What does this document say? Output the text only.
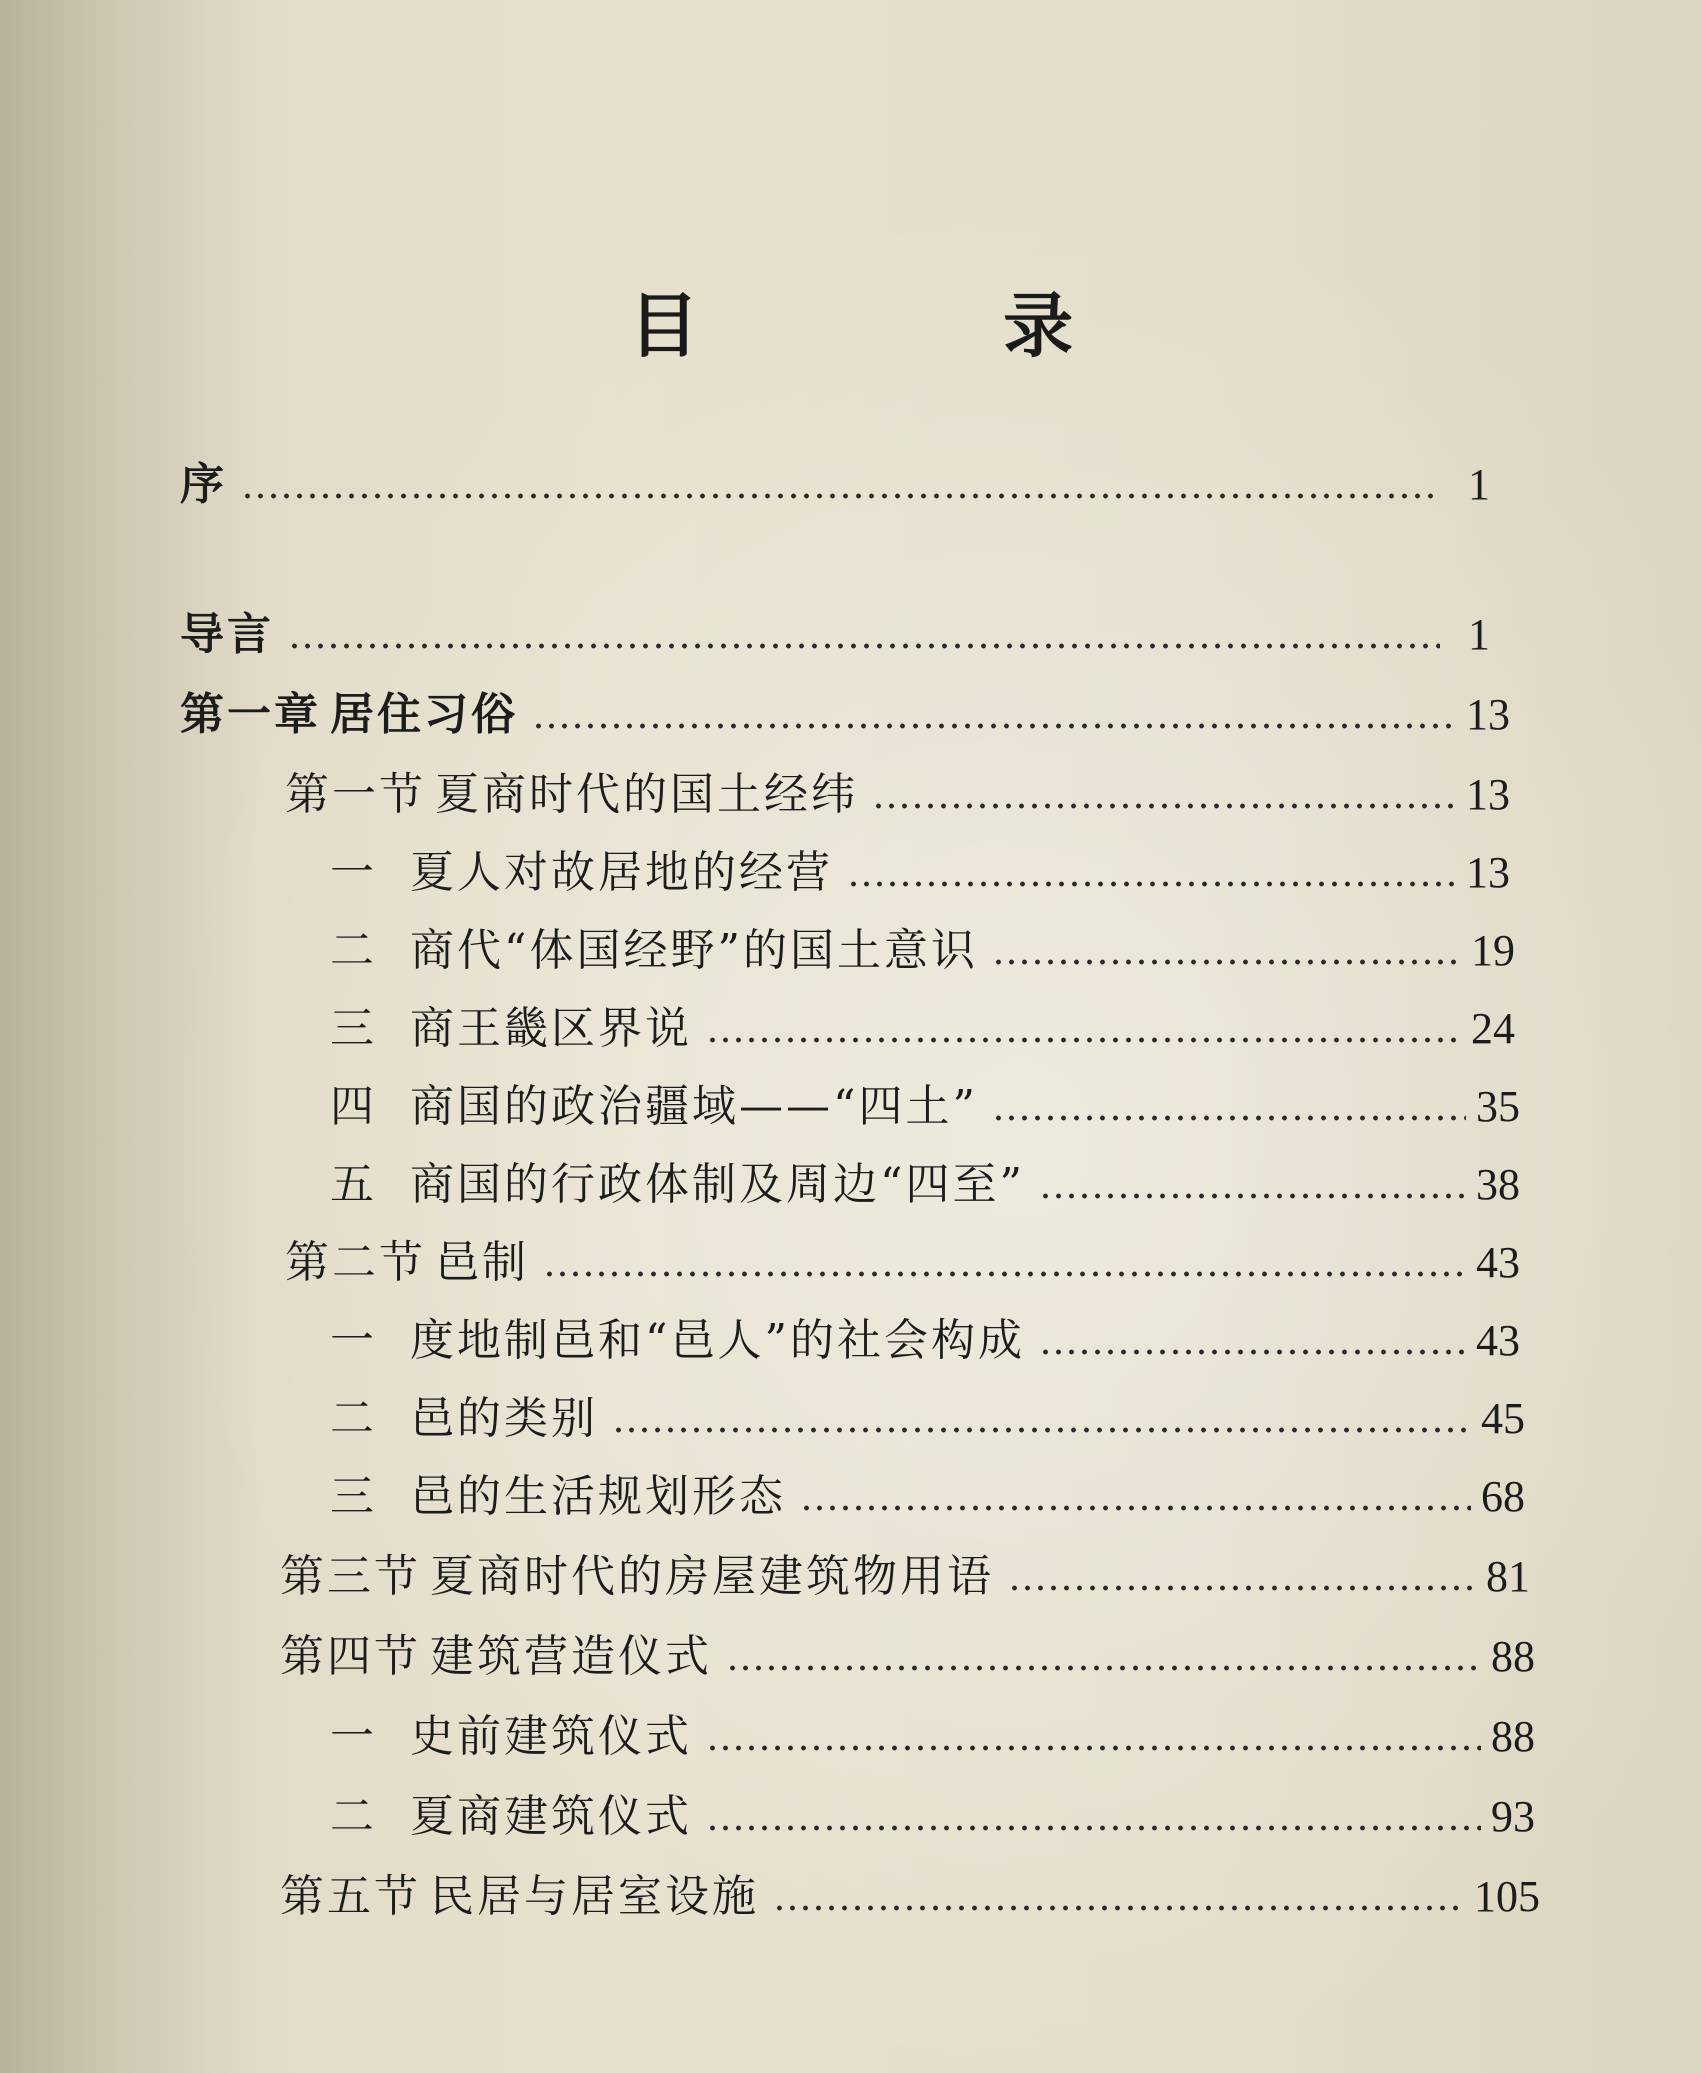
目 录
序	1
导言	1
第一章 居住习俗	13
第一节 夏商时代的国土经纬	13
一 夏人对故居地的经营	13
二 商代“体国经野”的国土意识	19
三 商王畿区界说	24
四 商国的政治疆域——“四土”	35
五 商国的行政体制及周边“四至”	38
第二节 邑制	43
一 度地制邑和“邑人”的社会构成	43
二 邑的类别	45
三 邑的生活规划形态	68
第三节 夏商时代的房屋建筑物用语	81
第四节 建筑营造仪式	88
一 史前建筑仪式	88
二 夏商建筑仪式	93
第五节 民居与居室设施	105
